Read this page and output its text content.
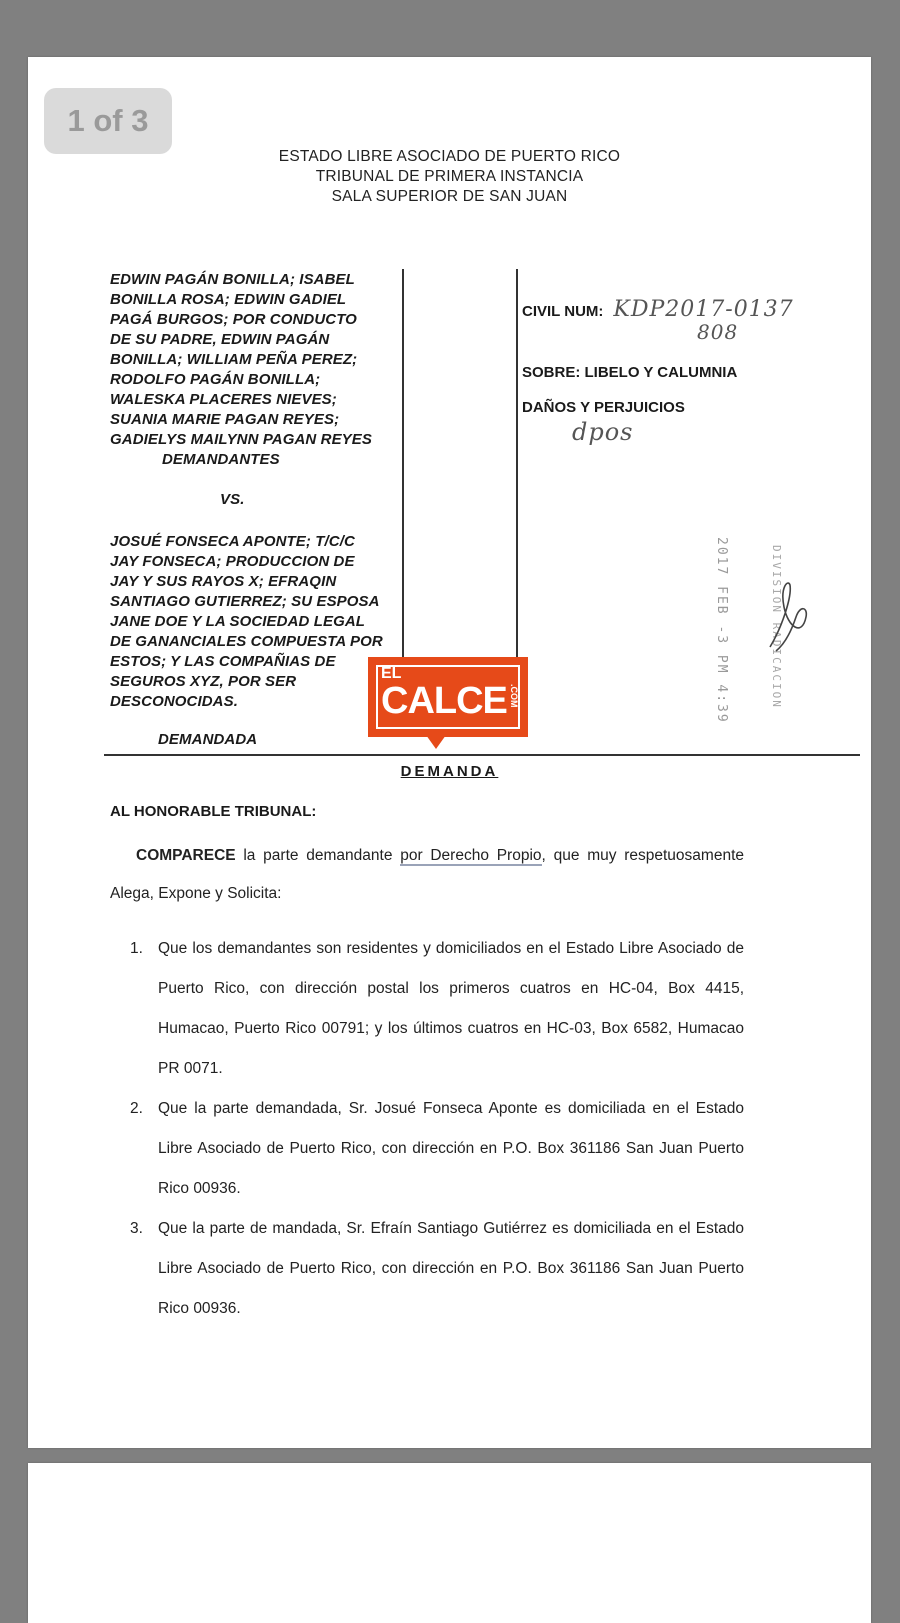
ESTADO LIBRE ASOCIADO DE PUERTO RICO
TRIBUNAL DE PRIMERA INSTANCIA
SALA SUPERIOR DE SAN JUAN
EDWIN PAGÁN BONILLA; ISABEL
BONILLA ROSA; EDWIN GADIEL
PAGÁ BURGOS; POR CONDUCTO
DE SU PADRE, EDWIN PAGÁN
BONILLA; WILLIAM PEÑA PEREZ;
RODOLFO PAGÁN BONILLA;
WALESKA PLACERES NIEVES;
SUANIA MARIE PAGAN REYES;
GADIELYS MAILYNN PAGAN REYES
DEMANDANTES
VS.
JOSUÉ FONSECA APONTE; T/C/C
JAY FONSECA; PRODUCCION DE
JAY Y SUS RAYOS X; EFRAQIN
SANTIAGO GUTIERREZ; SU ESPOSA
JANE DOE Y LA SOCIEDAD LEGAL
DE GANANCIALES COMPUESTA POR
ESTOS; Y LAS COMPAÑIAS DE
SEGUROS XYZ, POR SER
DESCONOCIDAS.
DEMANDADA
CIVIL NUM: KDP2017-0137
808
SOBRE: LIBELO Y CALUMNIA
DAÑOS Y PERJUICIOS
dpos
2017 FEB -3 PM 4:39	DIVISION RADICACION
EL
CALCE .COM
DEMANDA
AL HONORABLE TRIBUNAL:
COMPARECE la parte demandante por Derecho Propio, que muy respetuosamente Alega, Expone y Solicita:
1. Que los demandantes son residentes y domiciliados en el Estado Libre Asociado de Puerto Rico, con dirección postal los primeros cuatros en HC-04, Box 4415, Humacao, Puerto Rico 00791; y los últimos cuatros en HC-03, Box 6582, Humacao PR 0071.
2. Que la parte demandada, Sr. Josué Fonseca Aponte es domiciliada en el Estado Libre Asociado de Puerto Rico, con dirección en P.O. Box 361186 San Juan Puerto Rico 00936.
3. Que la parte de mandada, Sr. Efraín Santiago Gutiérrez es domiciliada en el Estado Libre Asociado de Puerto Rico, con dirección en P.O. Box 361186 San Juan Puerto Rico 00936.
1 of 3
